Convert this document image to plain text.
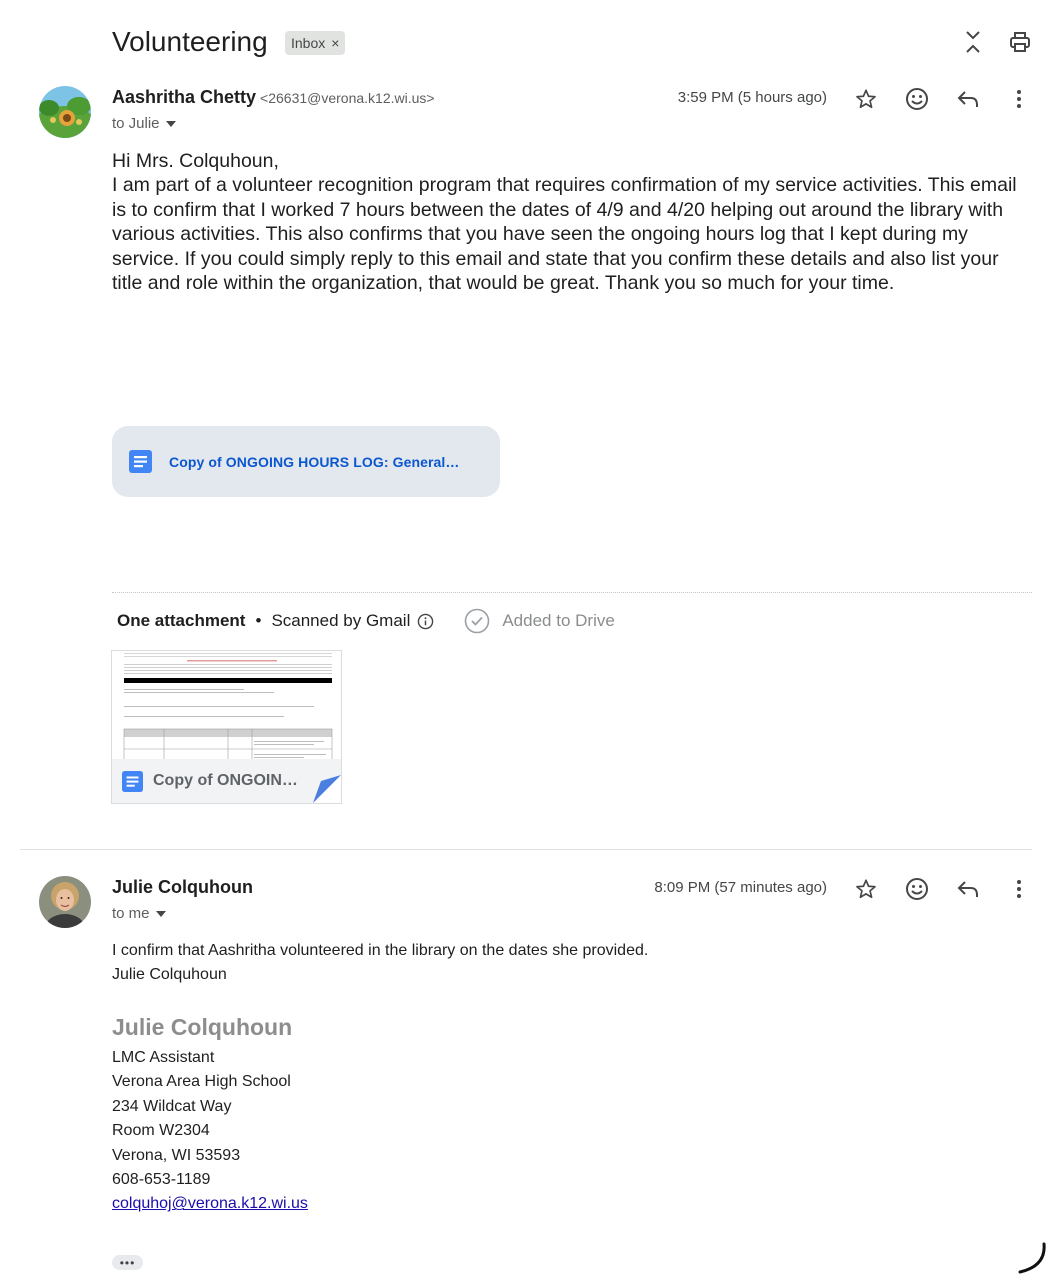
Volunteering Inbox ×
Aashritha Chetty <26631@verona.k12.wi.us>
to Julie
3:59 PM (5 hours ago)

Hi Mrs. Colquhoun,

I am part of a volunteer recognition program that requires confirmation of my service activities. This email is to confirm that I worked 7 hours between the dates of 4/9 and 4/20 helping out around the library with various activities. This also confirms that you have seen the ongoing hours log that I kept during my service. If you could simply reply to this email and state that you confirm these details and also list your title and role within the organization, that would be great. Thank you so much for your time.

Copy of ONGOING HOURS LOG: General…
One attachment • Scanned by Gmail	Added to Drive
Copy of ONGOIN…
Julie Colquhoun
to me
8:09 PM (57 minutes ago)
I confirm that Aashritha volunteered in the library on the dates she provided.
Julie Colquhoun
Julie Colquhoun
LMC Assistant
Verona Area High School
234 Wildcat Way
Room W2304
Verona, WI 53593
608-653-1189
colquhoj@verona.k12.wi.us
•••
